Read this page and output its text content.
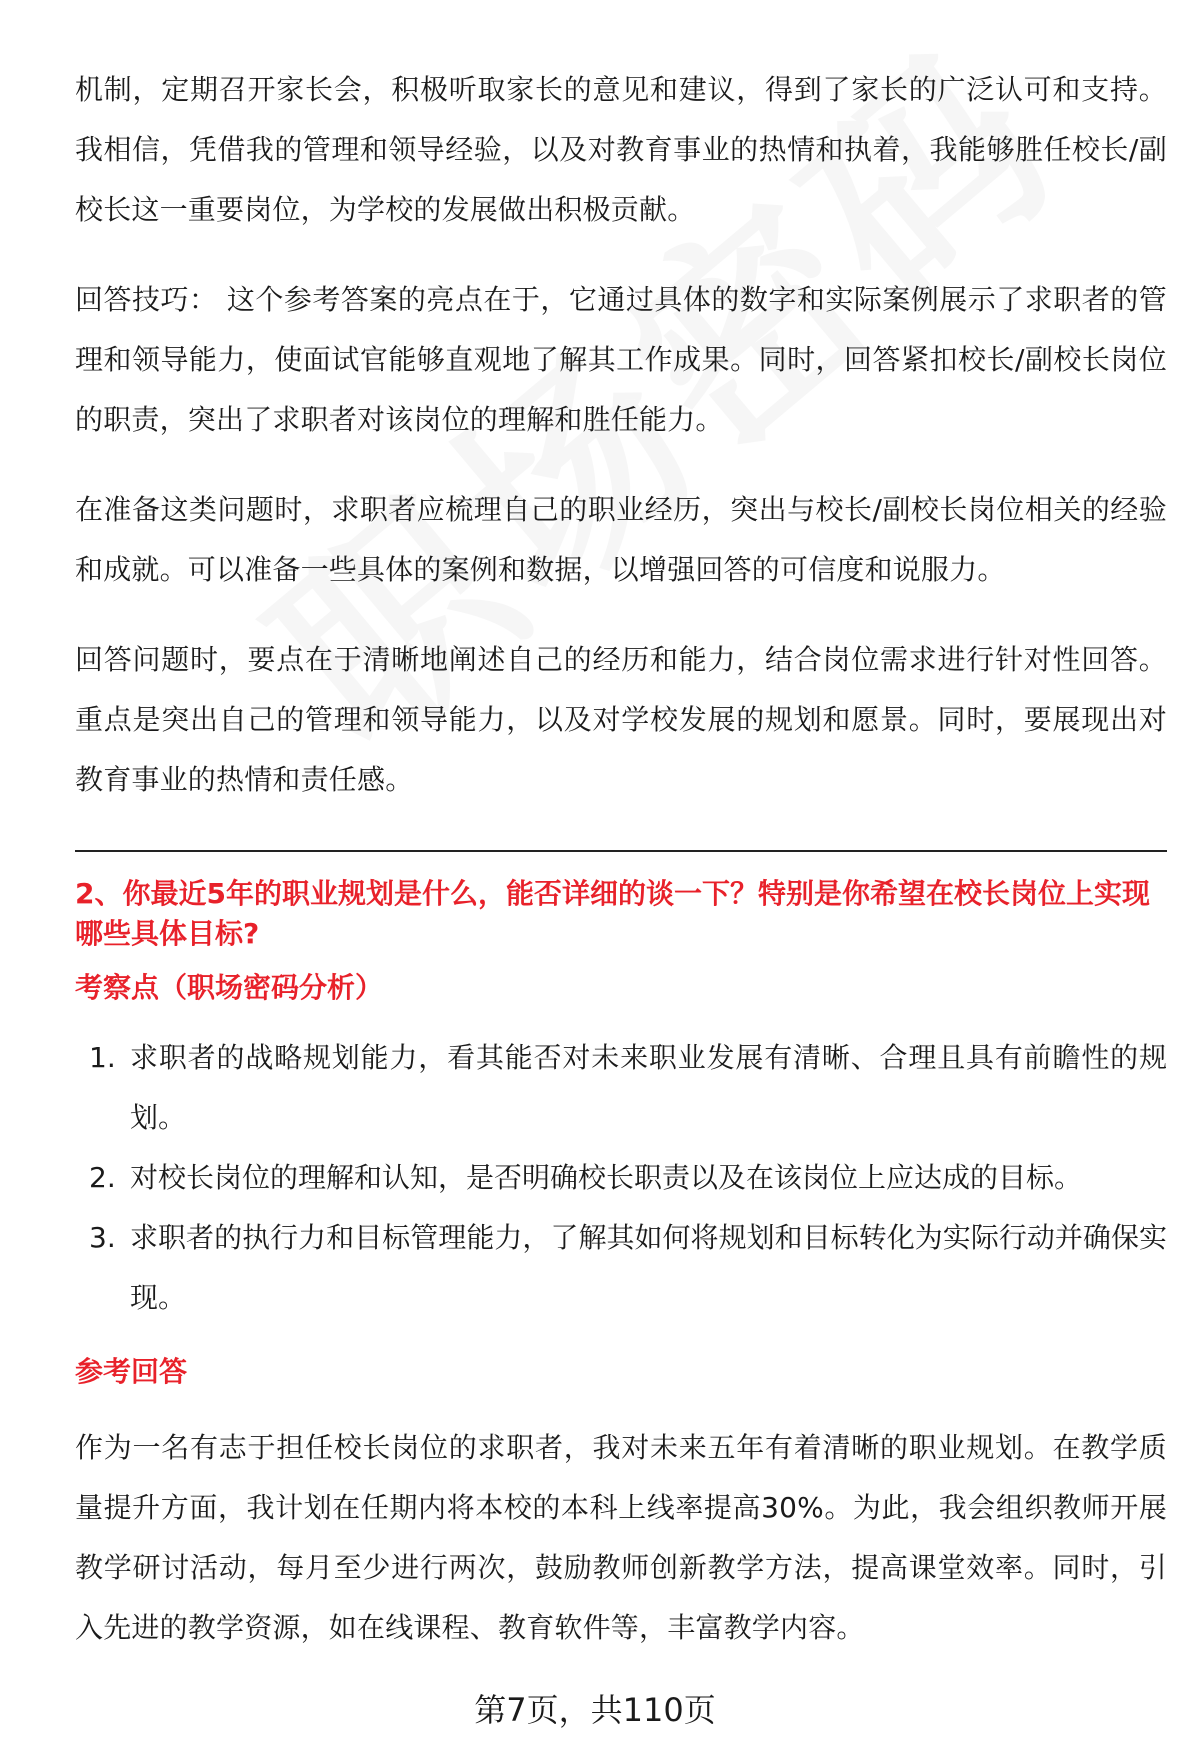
机制，定期召开家长会，积极听取家长的意见和建议，得到了家长的广泛认可和支持。我相信，凭借我的管理和领导经验，以及对教育事业的热情和执着，我能够胜任校长/副校长这一重要岗位，为学校的发展做出积极贡献。

回答技巧： 这个参考答案的亮点在于，它通过具体的数字和实际案例展示了求职者的管理和领导能力，使面试官能够直观地了解其工作成果。同时，回答紧扣校长/副校长岗位的职责，突出了求职者对该岗位的理解和胜任能力。

在准备这类问题时，求职者应梳理自己的职业经历，突出与校长/副校长岗位相关的经验和成就。可以准备一些具体的案例和数据，以增强回答的可信度和说服力。

回答问题时，要点在于清晰地阐述自己的经历和能力，结合岗位需求进行针对性回答。重点是突出自己的管理和领导能力，以及对学校发展的规划和愿景。同时，要展现出对教育事业的热情和责任感。

2、你最近5年的职业规划是什么，能否详细的谈一下？特别是你希望在校长岗位上实现哪些具体目标?
考察点（职场密码分析）
1. 求职者的战略规划能力，看其能否对未来职业发展有清晰、合理且具有前瞻性的规划。
2. 对校长岗位的理解和认知，是否明确校长职责以及在该岗位上应达成的目标。
3. 求职者的执行力和目标管理能力，了解其如何将规划和目标转化为实际行动并确保实现。
参考回答

作为一名有志于担任校长岗位的求职者，我对未来五年有着清晰的职业规划。在教学质量提升方面，我计划在任期内将本校的本科上线率提高30%。为此，我会组织教师开展教学研讨活动，每月至少进行两次，鼓励教师创新教学方法，提高课堂效率。同时，引入先进的教学资源，如在线课程、教育软件等，丰富教学内容。

第7页，共110页
